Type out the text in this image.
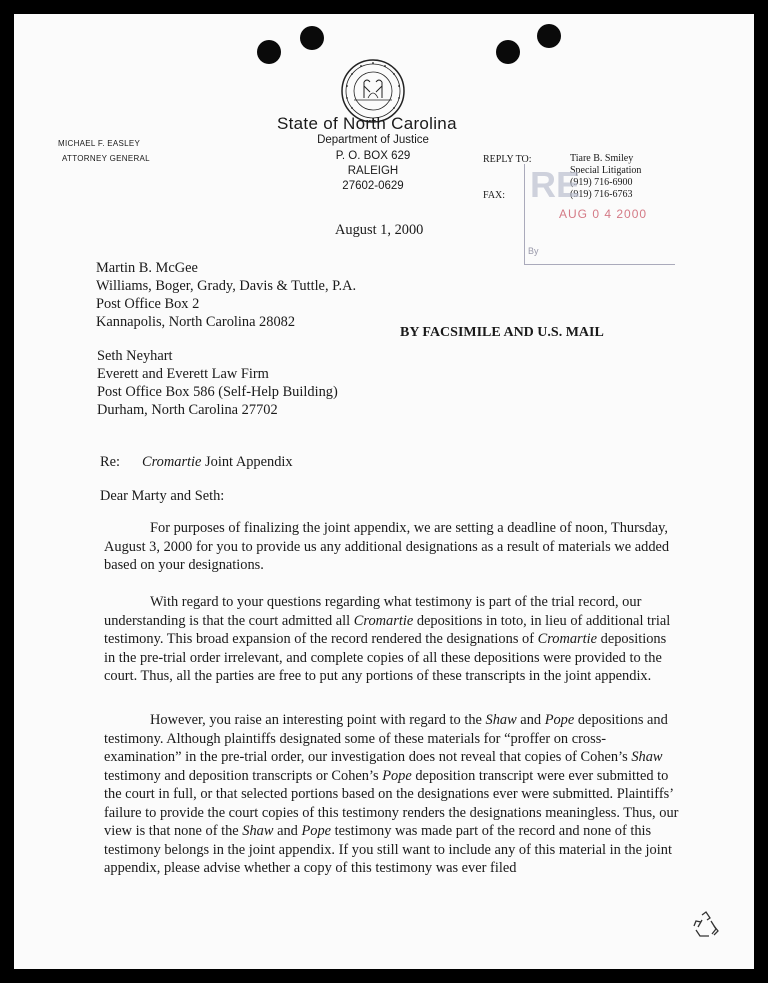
State of North Carolina
Department of Justice
P. O. BOX 629
RALEIGH
27602-0629
MICHAEL F. EASLEY
ATTORNEY GENERAL	REPLY TO:
FAX:
Tiare B. Smiley
Special Litigation
(919) 716-6900
(919) 716-6763
RE
AUG 0 4 2000
By
August 1, 2000
Martin B. McGee
Williams, Boger, Grady, Davis & Tuttle, P.A.
Post Office Box 2
Kannapolis, North Carolina 28082
BY FACSIMILE AND U.S. MAIL
Seth Neyhart
Everett and Everett Law Firm
Post Office Box 586 (Self-Help Building)
Durham, North Carolina 27702
Re: Cromartie Joint Appendix
Dear Marty and Seth:

For purposes of finalizing the joint appendix, we are setting a deadline of noon, Thursday, August 3, 2000 for you to provide us any additional designations as a result of materials we added based on your designations.

With regard to your questions regarding what testimony is part of the trial record, our understanding is that the court admitted all Cromartie depositions in toto, in lieu of additional trial testimony. This broad expansion of the record rendered the designations of Cromartie depositions in the pre-trial order irrelevant, and complete copies of all these depositions were provided to the court. Thus, all the parties are free to put any portions of these transcripts in the joint appendix.

However, you raise an interesting point with regard to the Shaw and Pope depositions and testimony. Although plaintiffs designated some of these materials for “proffer on cross-examination” in the pre-trial order, our investigation does not reveal that copies of Cohen’s Shaw testimony and deposition transcripts or Cohen’s Pope deposition transcript were ever submitted to the court in full, or that selected portions based on the designations ever were submitted. Plaintiffs’ failure to provide the court copies of this testimony renders the designations meaningless. Thus, our view is that none of the Shaw and Pope testimony was made part of the record and none of this testimony belongs in the joint appendix. If you still want to include any of this material in the joint appendix, please advise whether a copy of this testimony was ever filed
